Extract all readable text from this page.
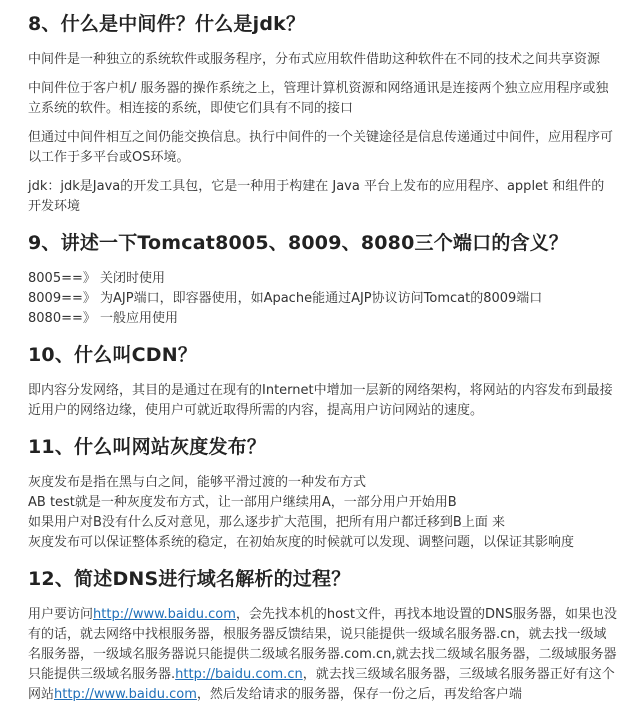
8、什么是中间件？什么是jdk？

中间件是一种独立的系统软件或服务程序，分布式应用软件借助这种软件在不同的技术之间共享资源

中间件位于客户机/ 服务器的操作系统之上，管理计算机资源和网络通讯是连接两个独立应用程序或独立系统的软件。相连接的系统，即使它们具有不同的接口

但通过中间件相互之间仍能交换信息。执行中间件的一个关键途径是信息传递通过中间件，应用程序可以工作于多平台或OS环境。

jdk：jdk是Java的开发工具包，它是一种用于构建在 Java 平台上发布的应用程序、applet 和组件的开发环境

9、讲述一下Tomcat8005、8009、8080三个端口的含义？

8005==》 关闭时使用

8009==》 为AJP端口，即容器使用，如Apache能通过AJP协议访问Tomcat的8009端口

8080==》 一般应用使用

10、什么叫CDN？

即内容分发网络，其目的是通过在现有的Internet中增加一层新的网络架构，将网站的内容发布到最接近用户的网络边缘，使用户可就近取得所需的内容，提高用户访问网站的速度。

11、什么叫网站灰度发布？

灰度发布是指在黑与白之间，能够平滑过渡的一种发布方式

AB test就是一种灰度发布方式，让一部用户继续用A，一部分用户开始用B

如果用户对B没有什么反对意见，那么逐步扩大范围，把所有用户都迁移到B上面 来

灰度发布可以保证整体系统的稳定，在初始灰度的时候就可以发现、调整问题，以保证其影响度

12、简述DNS进行域名解析的过程？

用户要访问http://www.baidu.com，会先找本机的host文件，再找本地设置的DNS服务器，如果也没有的话，就去网络中找根服务器，根服务器反馈结果，说只能提供一级域名服务器.cn，就去找一级域名服务器，一级域名服务器说只能提供二级域名服务器.com.cn,就去找二级域名服务器，二级域服务器只能提供三级域名服务器.http://baidu.com.cn，就去找三级域名服务器，三级域名服务器正好有这个网站http://www.baidu.com，然后发给请求的服务器，保存一份之后，再发给客户端
